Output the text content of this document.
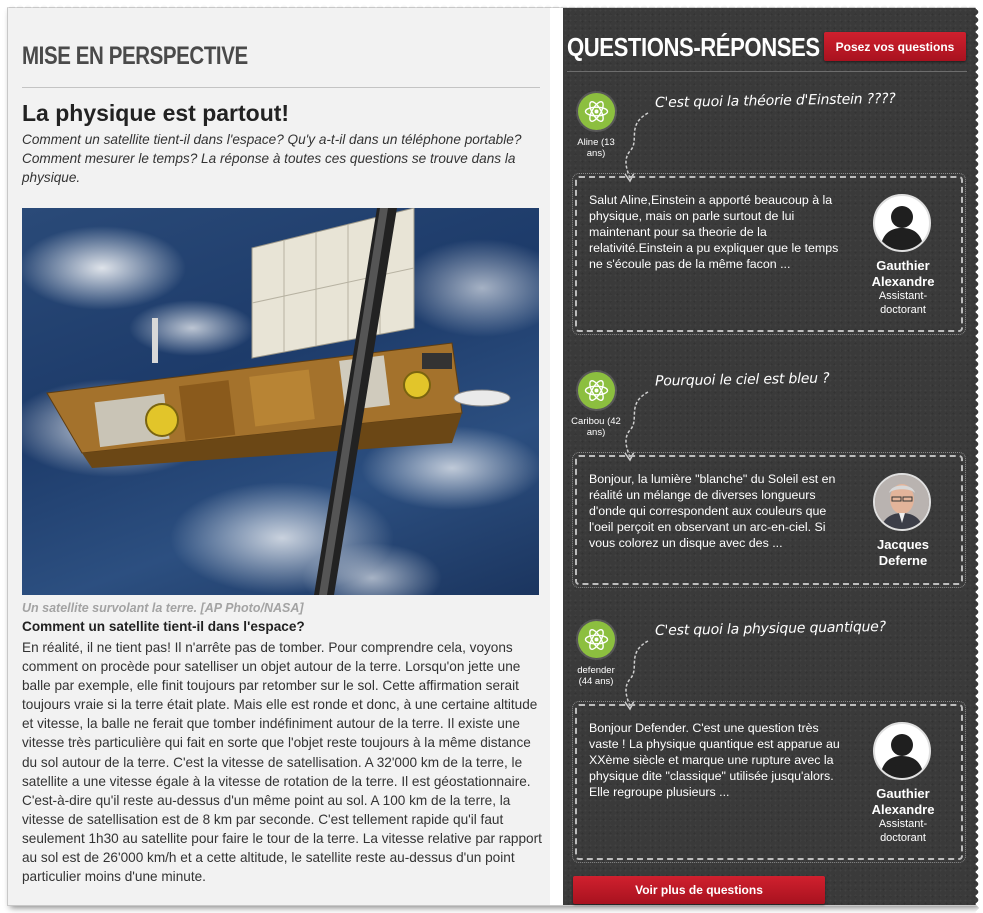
MISE EN PERSPECTIVE
La physique est partout!

Comment un satellite tient-il dans l'espace? Qu'y a-t-il dans un téléphone portable? Comment mesurer le temps? La réponse à toutes ces questions se trouve dans la physique.

Un satellite survolant la terre. [AP Photo/NASA]
Comment un satellite tient-il dans l'espace?

En réalité, il ne tient pas! Il n'arrête pas de tomber. Pour comprendre cela, voyons comment on procède pour satelliser un objet autour de la terre. Lorsqu'on jette une balle par exemple, elle finit toujours par retomber sur le sol. Cette affirmation serait toujours vraie si la terre était plate. Mais elle est ronde et donc, à une certaine altitude et vitesse, la balle ne ferait que tomber indéfiniment autour de la terre. Il existe une vitesse très particulière qui fait en sorte que l'objet reste toujours à la même distance du sol autour de la terre. C'est la vitesse de satellisation. A 32'000 km de la terre, le satellite a une vitesse égale à la vitesse de rotation de la terre. Il est géostationnaire. C'est-à-dire qu'il reste au-dessus d'un même point au sol. A 100 km de la terre, la vitesse de satellisation est de 8 km par seconde. C'est tellement rapide qu'il faut seulement 1h30 au satellite pour faire le tour de la terre. La vitesse relative par rapport au sol est de 26'000 km/h et a cette altitude, le satellite reste au-dessus d'un point particulier moins d'une minute.

QUESTIONS-RÉPONSES	Posez vos questions
Aline (13
ans)
C'est quoi la théorie d'Einstein ????

Salut Aline,Einstein a apporté beaucoup à la physique, mais on parle surtout de lui maintenant pour sa theorie de la relativité.Einstein a pu expliquer que le temps ne s'écoule pas de la même facon ...	Gauthier
Alexandre
Assistant-
doctorant
Caribou (42
ans)
Pourquoi le ciel est bleu ?

Bonjour, la lumière "blanche" du Soleil est en réalité un mélange de diverses longueurs d'onde qui correspondent aux couleurs que l'oeil perçoit en observant un arc-en-ciel. Si vous colorez un disque avec des ...	Jacques
Deferne
defender
(44 ans)
C'est quoi la physique quantique?

Bonjour Defender. C'est une question très vaste ! La physique quantique est apparue au XXème siècle et marque une rupture avec la physique dite "classique" utilisée jusqu'alors. Elle regroupe plusieurs ...	Gauthier
Alexandre
Assistant-
doctorant
Voir plus de questions
